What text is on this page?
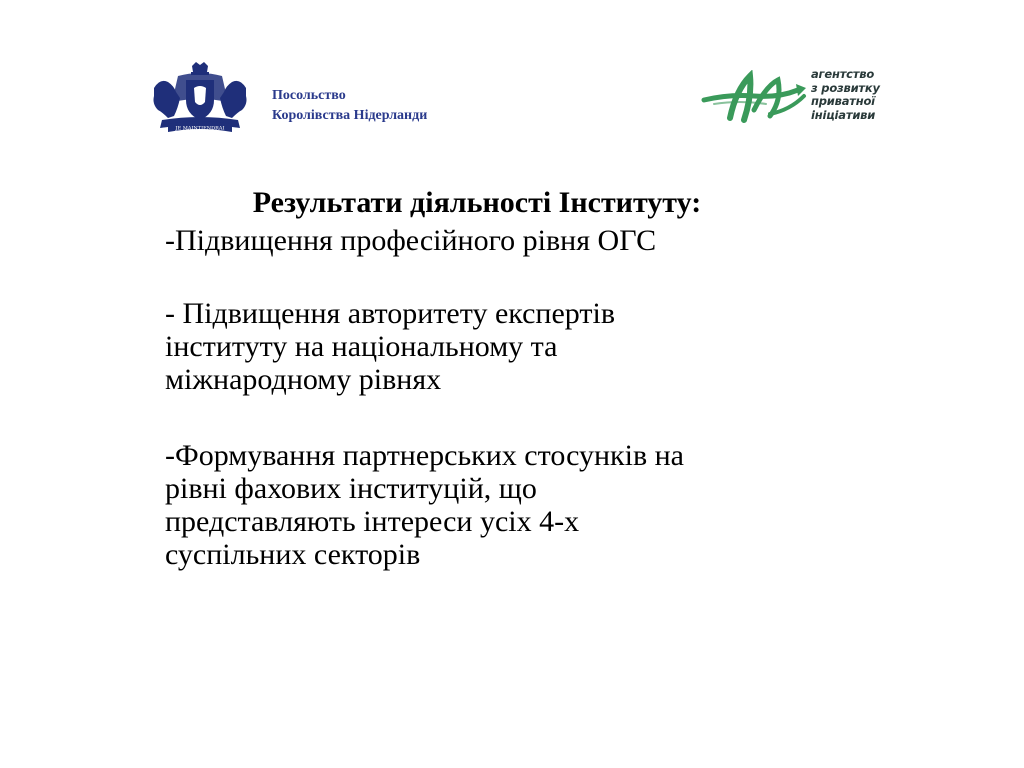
JE MAINTIENDRAI
Посольство
Королівства Нідерланди
агентство
з розвитку
приватної
ініціативи

Результати діяльності Інституту:

-Підвищення професійного рівня ОГС

- Підвищення авторитету експертів
інституту на національному та
міжнародному рівнях

-Формування партнерських стосунків на
рівні фахових інституцій, що
представляють інтереси усіх 4-х
суспільних секторів
